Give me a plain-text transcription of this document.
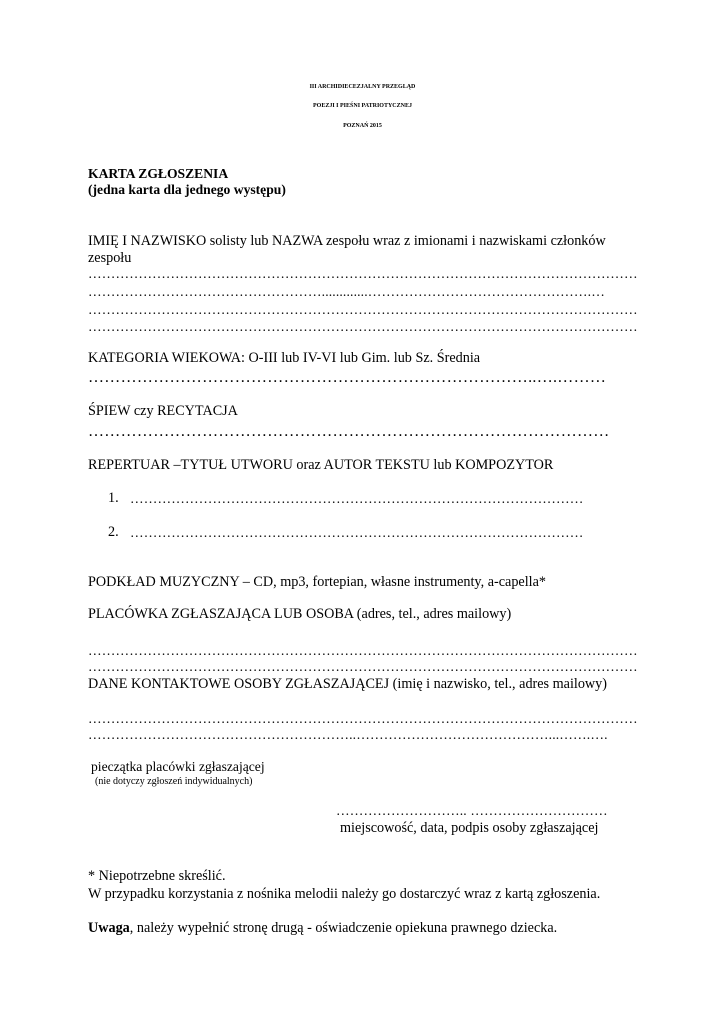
III ARCHIDIECEZJALNY PRZEGLĄD
POEZJI I PIEŚNI PATRIOTYCZNEJ
POZNAŃ 2015
KARTA ZGŁOSZENIA
(jedna karta dla jednego występu)
IMIĘ I NAZWISKO solisty lub NAZWA zespołu wraz z imionami i nazwiskami członków
zespołu
…………………………………………………………………………………………………………
…………………………………………….............………………………………………….…
…………………………………………………………………………………………………………
…………………………………………………………………………………………………………
KATEGORIA WIEKOWA: O-III lub IV-VI lub Gim. lub Sz. Średnia
………………………………………………………………………..….………
ŚPIEW czy RECYTACJA
……………………………………………………………………………………
REPERTUAR –TYTUŁ UTWORU oraz AUTOR TEKSTU lub KOMPOZYTOR
1. ………………………………………………………………………………………
2. ………………………………………………………………………………………
PODKŁAD MUZYCZNY – CD, mp3, fortepian, własne instrumenty, a-capella*
PLACÓWKA ZGŁASZAJĄCA LUB OSOBA (adres, tel., adres mailowy)
…………………………………………………………………………………………………………
…………………………………………………………………………………………………………
DANE KONTAKTOWE OSOBY ZGŁASZAJĄCEJ (imię i nazwisko, tel., adres mailowy)
…………………………………………………………………………………………………………
…………………………………………………..……………………………………...…….….
pieczątka placówki zgłaszającej
(nie dotyczy zgłoszeń indywidualnych)
……………………….. …………………………
miejscowość, data, podpis osoby zgłaszającej
* Niepotrzebne skreślić.
W przypadku korzystania z nośnika melodii należy go dostarczyć wraz z kartą zgłoszenia.
Uwaga, należy wypełnić stronę drugą - oświadczenie opiekuna prawnego dziecka.
